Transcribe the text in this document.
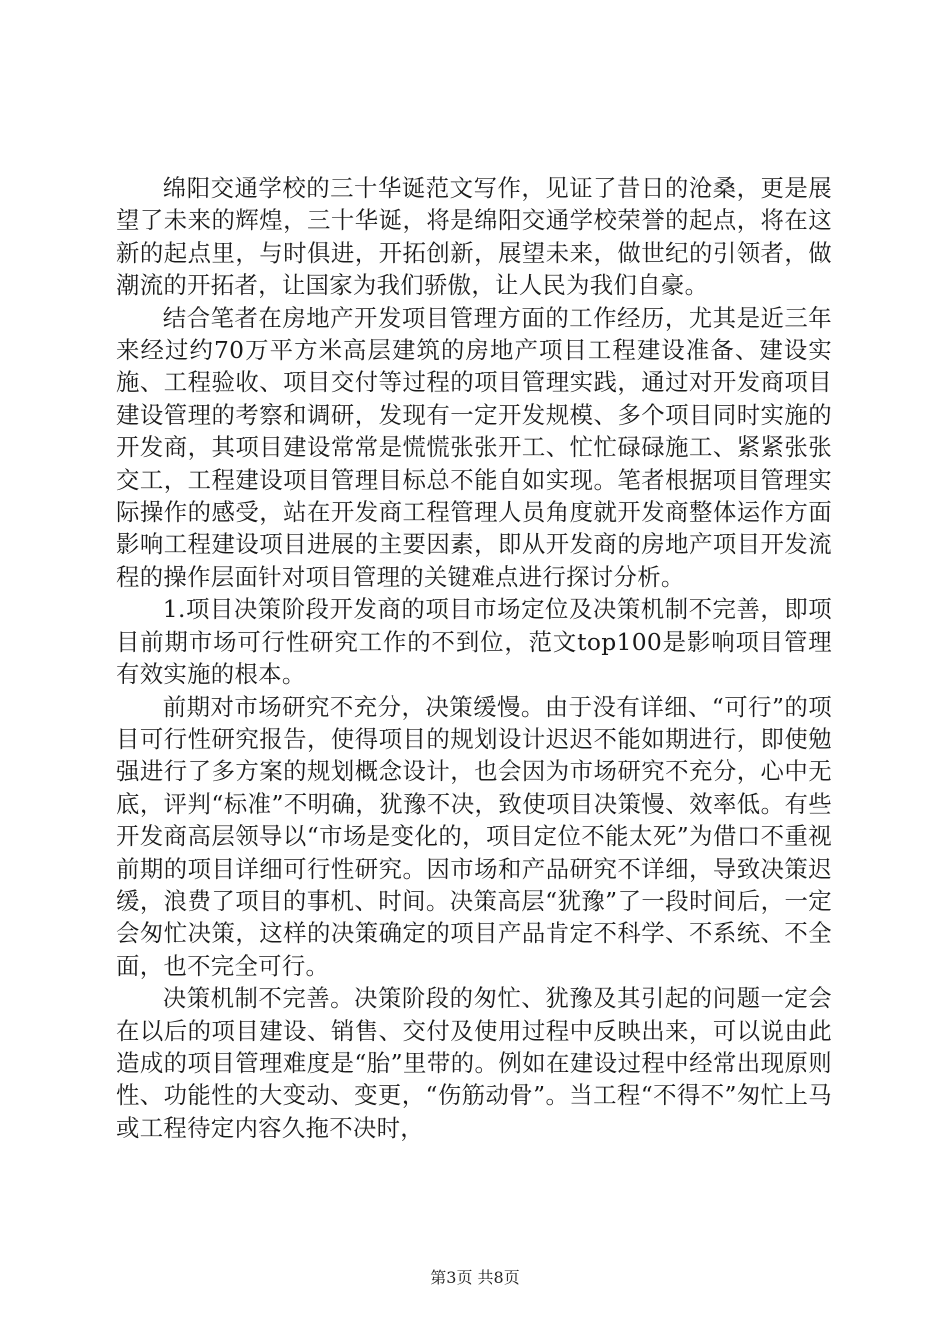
绵阳交通学校的三十华诞范文写作，见证了昔日的沧桑，更是展望了未来的辉煌，三十华诞，将是绵阳交通学校荣誉的起点，将在这新的起点里，与时俱进，开拓创新，展望未来，做世纪的引领者，做潮流的开拓者，让国家为我们骄傲，让人民为我们自豪。

结合笔者在房地产开发项目管理方面的工作经历，尤其是近三年来经过约70万平方米高层建筑的房地产项目工程建设准备、建设实施、工程验收、项目交付等过程的项目管理实践，通过对开发商项目建设管理的考察和调研，发现有一定开发规模、多个项目同时实施的开发商，其项目建设常常是慌慌张张开工、忙忙碌碌施工、紧紧张张交工，工程建设项目管理目标总不能自如实现。笔者根据项目管理实际操作的感受，站在开发商工程管理人员角度就开发商整体运作方面影响工程建设项目进展的主要因素，即从开发商的房地产项目开发流程的操作层面针对项目管理的关键难点进行探讨分析。

1.项目决策阶段开发商的项目市场定位及决策机制不完善，即项目前期市场可行性研究工作的不到位，范文top100是影响项目管理有效实施的根本。

前期对市场研究不充分，决策缓慢。由于没有详细、“可行”的项目可行性研究报告，使得项目的规划设计迟迟不能如期进行，即使勉强进行了多方案的规划概念设计，也会因为市场研究不充分，心中无底，评判“标准”不明确，犹豫不决，致使项目决策慢、效率低。有些开发商高层领导以“市场是变化的，项目定位不能太死”为借口不重视前期的项目详细可行性研究。因市场和产品研究不详细，导致决策迟缓，浪费了项目的事机、时间。决策高层“犹豫”了一段时间后，一定会匆忙决策，这样的决策确定的项目产品肯定不科学、不系统、不全面，也不完全可行。

决策机制不完善。决策阶段的匆忙、犹豫及其引起的问题一定会在以后的项目建设、销售、交付及使用过程中反映出来，可以说由此造成的项目管理难度是“胎”里带的。例如在建设过程中经常出现原则性、功能性的大变动、变更，“伤筋动骨”。当工程“不得不”匆忙上马或工程待定内容久拖不决时，

第3页 共8页
